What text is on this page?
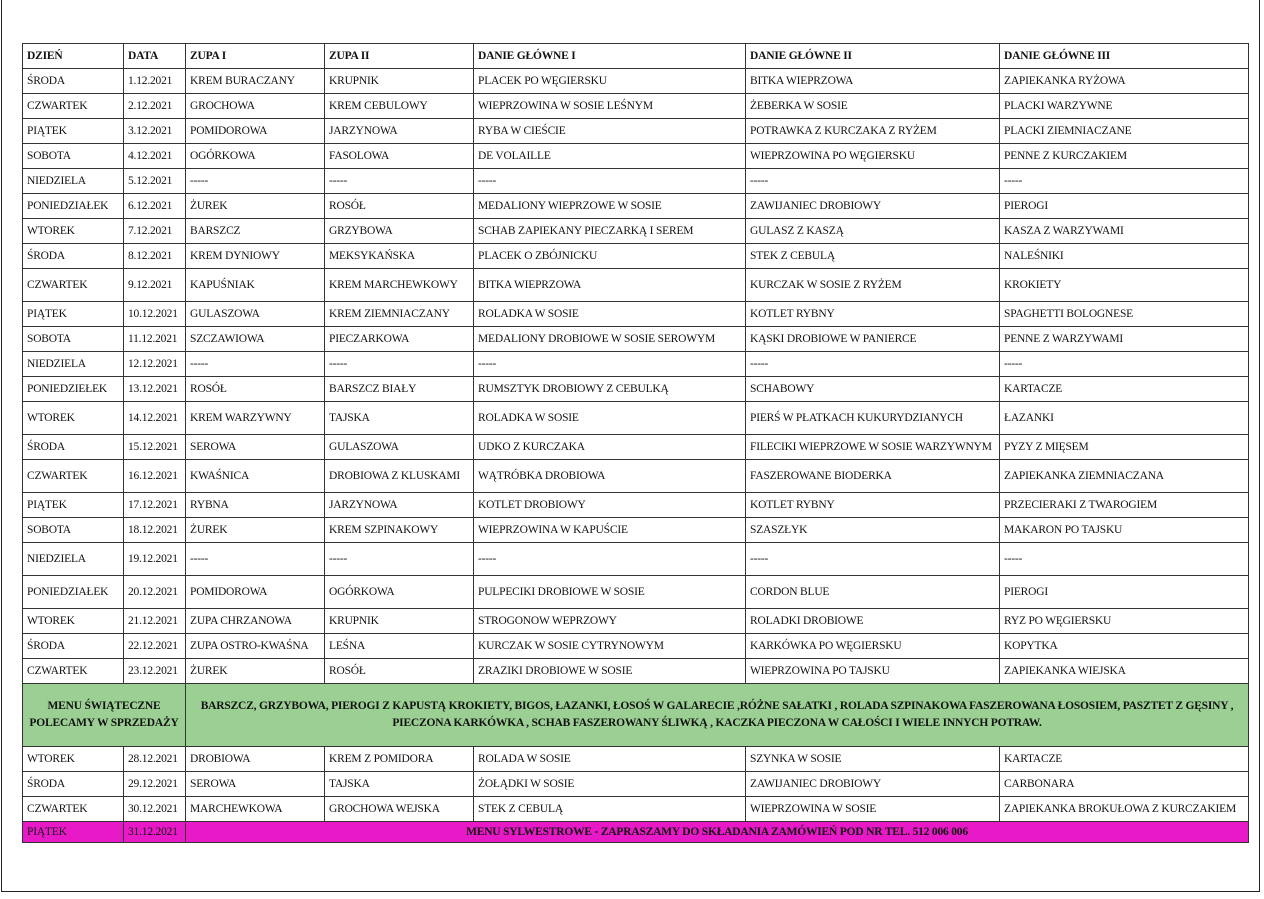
DZIEŃ	DATA	ZUPA I	ZUPA II	DANIE GŁÓWNE I	DANIE GŁÓWNE II	DANIE GŁÓWNE III
ŚRODA	1.12.2021	KREM BURACZANY	KRUPNIK	PLACEK PO WĘGIERSKU	BITKA WIEPRZOWA	ZAPIEKANKA RYŻOWA
CZWARTEK	2.12.2021	GROCHOWA	KREM CEBULOWY	WIEPRZOWINA W SOSIE LEŚNYM	ŻEBERKA W SOSIE	PLACKI WARZYWNE
PIĄTEK	3.12.2021	POMIDOROWA	JARZYNOWA	RYBA W CIEŚCIE	POTRAWKA Z KURCZAKA Z RYŻEM	PLACKI ZIEMNIACZANE
SOBOTA	4.12.2021	OGÓRKOWA	FASOLOWA	DE VOLAILLE	WIEPRZOWINA PO WĘGIERSKU	PENNE Z KURCZAKIEM
NIEDZIELA	5.12.2021	-----	-----	-----	-----	-----
PONIEDZIAŁEK	6.12.2021	ŻUREK	ROSÓŁ	MEDALIONY WIEPRZOWE W SOSIE	ZAWIJANIEC DROBIOWY	PIEROGI
WTOREK	7.12.2021	BARSZCZ	GRZYBOWA	SCHAB ZAPIEKANY PIECZARKĄ I SEREM	GULASZ Z KASZĄ	KASZA Z WARZYWAMI
ŚRODA	8.12.2021	KREM DYNIOWY	MEKSYKAŃSKA	PLACEK O ZBÓJNICKU	STEK Z CEBULĄ	NALEŚNIKI
CZWARTEK	9.12.2021	KAPUŚNIAK	KREM MARCHEWKOWY	BITKA WIEPRZOWA	KURCZAK W SOSIE Z RYŻEM	KROKIETY
PIĄTEK	10.12.2021	GULASZOWA	KREM ZIEMNIACZANY	ROLADKA W SOSIE	KOTLET RYBNY	SPAGHETTI BOLOGNESE
SOBOTA	11.12.2021	SZCZAWIOWA	PIECZARKOWA	MEDALIONY DROBIOWE W SOSIE SEROWYM	KĄSKI DROBIOWE W PANIERCE	PENNE Z WARZYWAMI
NIEDZIELA	12.12.2021	-----	-----	-----	-----	-----
PONIEDZIEŁEK	13.12.2021	ROSÓŁ	BARSZCZ BIAŁY	RUMSZTYK DROBIOWY Z CEBULKĄ	SCHABOWY	KARTACZE
WTOREK	14.12.2021	KREM WARZYWNY	TAJSKA	ROLADKA W SOSIE	PIERŚ W PŁATKACH KUKURYDZIANYCH	ŁAZANKI
ŚRODA	15.12.2021	SEROWA	GULASZOWA	UDKO Z KURCZAKA	FILECIKI WIEPRZOWE W SOSIE WARZYWNYM	PYZY Z MIĘSEM
CZWARTEK	16.12.2021	KWAŚNICA	DROBIOWA Z KLUSKAMI	WĄTRÓBKA DROBIOWA	FASZEROWANE BIODERKA	ZAPIEKANKA ZIEMNIACZANA
PIĄTEK	17.12.2021	RYBNA	JARZYNOWA	KOTLET DROBIOWY	KOTLET RYBNY	PRZECIERAKI Z TWAROGIEM
SOBOTA	18.12.2021	ŻUREK	KREM SZPINAKOWY	WIEPRZOWINA W KAPUŚCIE	SZASZŁYK	MAKARON PO TAJSKU
NIEDZIELA	19.12.2021	-----	-----	-----	-----	-----
PONIEDZIAŁEK	20.12.2021	POMIDOROWA	OGÓRKOWA	PULPECIKI DROBIOWE W SOSIE	CORDON BLUE	PIEROGI
WTOREK	21.12.2021	ZUPA CHRZANOWA	KRUPNIK	STROGONOW WEPRZOWY	ROLADKI DROBIOWE	RYZ PO WĘGIERSKU
ŚRODA	22.12.2021	ZUPA OSTRO-KWAŚNA	LEŚNA	KURCZAK W SOSIE CYTRYNOWYM	KARKÓWKA PO WĘGIERSKU	KOPYTKA
CZWARTEK	23.12.2021	ŻUREK	ROSÓŁ	ZRAZIKI DROBIOWE W SOSIE	WIEPRZOWINA PO TAJSKU	ZAPIEKANKA WIEJSKA
MENU ŚWIĄTECZNE POLECAMY W SPRZEDAŻY		BARSZCZ, GRZYBOWA, PIEROGI Z KAPUSTĄ KROKIETY, BIGOS, ŁAZANKI, ŁOSOŚ W GALARECIE ,RÓŻNE SAŁATKI , ROLADA SZPINAKOWA FASZEROWANA ŁOSOSIEM, PASZTET Z GĘSINY , PIECZONA KARKÓWKA , SCHAB FASZEROWANY ŚLIWKĄ , KACZKA PIECZONA W CAŁOŚCI I WIELE INNYCH POTRAW.				
WTOREK	28.12.2021	DROBIOWA	KREM Z POMIDORA	ROLADA W SOSIE	SZYNKA W SOSIE	KARTACZE
ŚRODA	29.12.2021	SEROWA	TAJSKA	ŻOŁĄDKI W SOSIE	ZAWIJANIEC DROBIOWY	CARBONARA
CZWARTEK	30.12.2021	MARCHEWKOWA	GROCHOWA WEJSKA	STEK Z CEBULĄ	WIEPRZOWINA W SOSIE	ZAPIEKANKA BROKUŁOWA Z KURCZAKIEM
PIĄTEK	31.12.2021	MENU SYLWESTROWE - ZAPRASZAMY DO SKŁADANIA ZAMÓWIEŃ POD NR TEL. 512 006 006				
